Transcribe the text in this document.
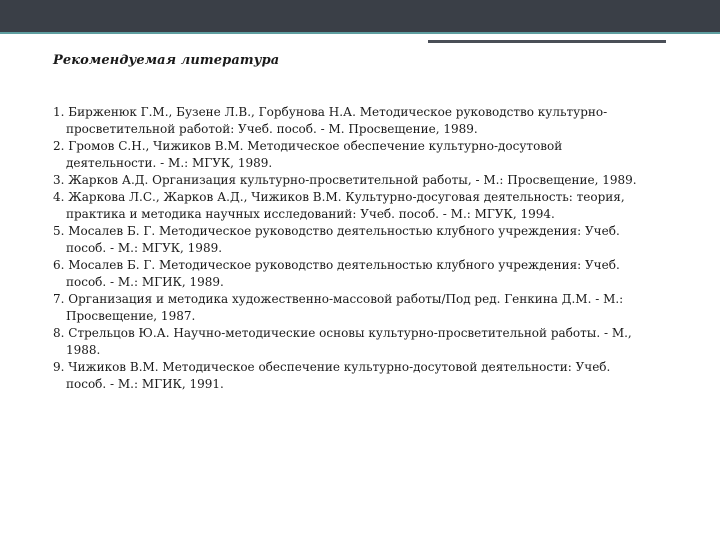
Рекомендуемая литература
1. Бирженюк Г.М., Бузене Л.В., Горбунова Н.А. Методическое руководство культурно-просветительной работой: Учеб. пособ. - М. Просвещение, 1989.
2. Громов С.Н., Чижиков В.М. Методическое обеспечение культурно-досутовой деятельности. - М.: МГУК, 1989.
3. Жарков А.Д. Организация культурно-просветительной работы, - М.: Просвещение, 1989.
4. Жаркова Л.С., Жарков А.Д., Чижиков В.М. Культурно-досуговая деятельность: теория, практика и методика научных исследований: Учеб. пособ. - М.: МГУК, 1994.
5. Мосалев Б. Г. Методическое руководство деятельностью клубного учреждения: Учеб. пособ. - М.: МГУК, 1989.
6. Мосалев Б. Г. Методическое руководство деятельностью клубного учреждения: Учеб. пособ. - М.: МГИК, 1989.
7. Организация и методика художественно-массовой работы/Под ред. Генкина Д.М. - М.: Просвещение, 1987.
8. Стрельцов Ю.А. Научно-методические основы культурно-просветительной работы. - М., 1988.
9. Чижиков В.М. Методическое обеспечение культурно-досутовой деятельности: Учеб. пособ. - М.: МГИК, 1991.
